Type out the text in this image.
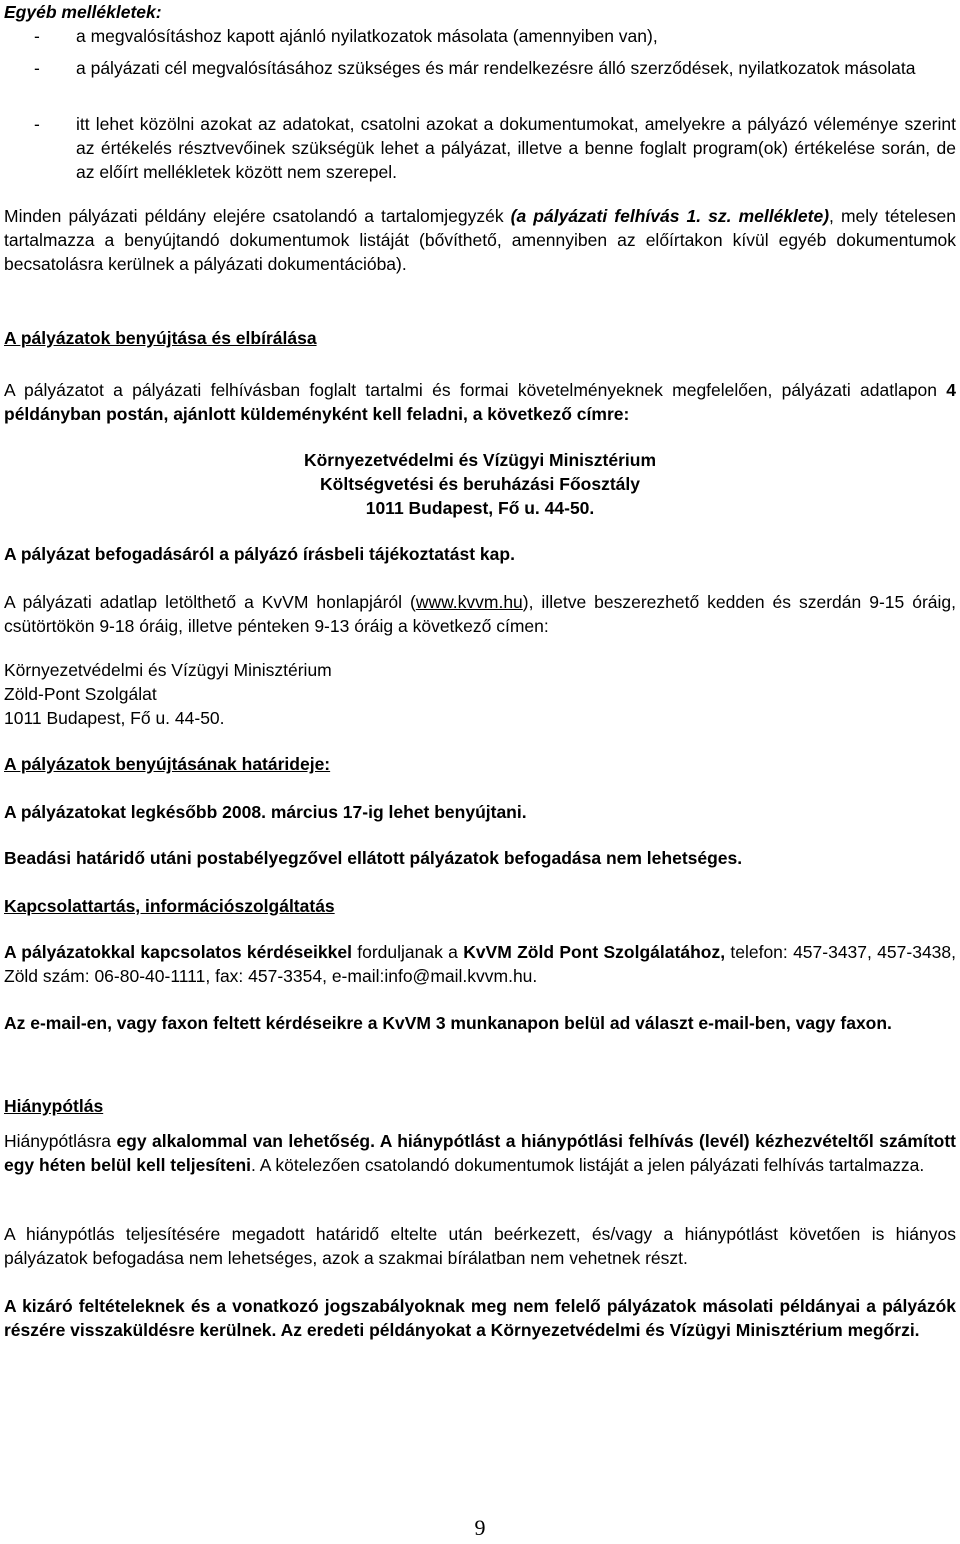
Egyéb mellékletek:
- a megvalósításhoz kapott ajánló nyilatkozatok másolata (amennyiben van),
- a pályázati cél megvalósításához szükséges és már rendelkezésre álló szerződések, nyilatkozatok másolata
- itt lehet közölni azokat az adatokat, csatolni azokat a dokumentumokat, amelyekre a pályázó véleménye szerint az értékelés résztvevőinek szükségük lehet a pályázat, illetve a benne foglalt program(ok) értékelése során, de az előírt mellékletek között nem szerepel.
Minden pályázati példány elejére csatolandó a tartalomjegyzék (a pályázati felhívás 1. sz. melléklete), mely tételesen tartalmazza a benyújtandó dokumentumok listáját (bővíthető, amennyiben az előírtakon kívül egyéb dokumentumok becsatolásra kerülnek a pályázati dokumentációba).
A pályázatok benyújtása és elbírálása
A pályázatot a pályázati felhívásban foglalt tartalmi és formai követelményeknek megfelelően, pályázati adatlapon 4 példányban postán, ajánlott küldeményként kell feladni, a következő címre:
Környezetvédelmi és Vízügyi Minisztérium
Költségvetési és beruházási Főosztály
1011 Budapest, Fő u. 44-50.
A pályázat befogadásáról a pályázó írásbeli tájékoztatást kap.
A pályázati adatlap letölthető a KvVM honlapjáról (www.kvvm.hu), illetve beszerezhető kedden és szerdán 9-15 óráig, csütörtökön 9-18 óráig, illetve pénteken 9-13 óráig a következő címen:
Környezetvédelmi és Vízügyi Minisztérium
Zöld-Pont Szolgálat
1011 Budapest, Fő u. 44-50.
A pályázatok benyújtásának határideje:
A pályázatokat legkésőbb 2008. március 17-ig lehet benyújtani.
Beadási határidő utáni postabélyegzővel ellátott pályázatok befogadása nem lehetséges.
Kapcsolattartás, információszolgáltatás
A pályázatokkal kapcsolatos kérdéseikkel forduljanak a KvVM Zöld Pont Szolgálatához, telefon: 457-3437, 457-3438, Zöld szám: 06-80-40-1111, fax: 457-3354, e-mail:info@mail.kvvm.hu.
Az e-mail-en, vagy faxon feltett kérdéseikre a KvVM 3 munkanapon belül ad választ e-mail-ben, vagy faxon.
Hiánypótlás
Hiánypótlásra egy alkalommal van lehetőség. A hiánypótlást a hiánypótlási felhívás (levél) kézhezvételtől számított egy héten belül kell teljesíteni. A kötelezően csatolandó dokumentumok listáját a jelen pályázati felhívás tartalmazza.
A hiánypótlás teljesítésére megadott határidő eltelte után beérkezett, és/vagy a hiánypótlást követően is hiányos pályázatok befogadása nem lehetséges, azok a szakmai bírálatban nem vehetnek részt.
A kizáró feltételeknek és a vonatkozó jogszabályoknak meg nem felelő pályázatok másolati példányai a pályázók részére visszaküldésre kerülnek. Az eredeti példányokat a Környezetvédelmi és Vízügyi Minisztérium megőrzi.
9
